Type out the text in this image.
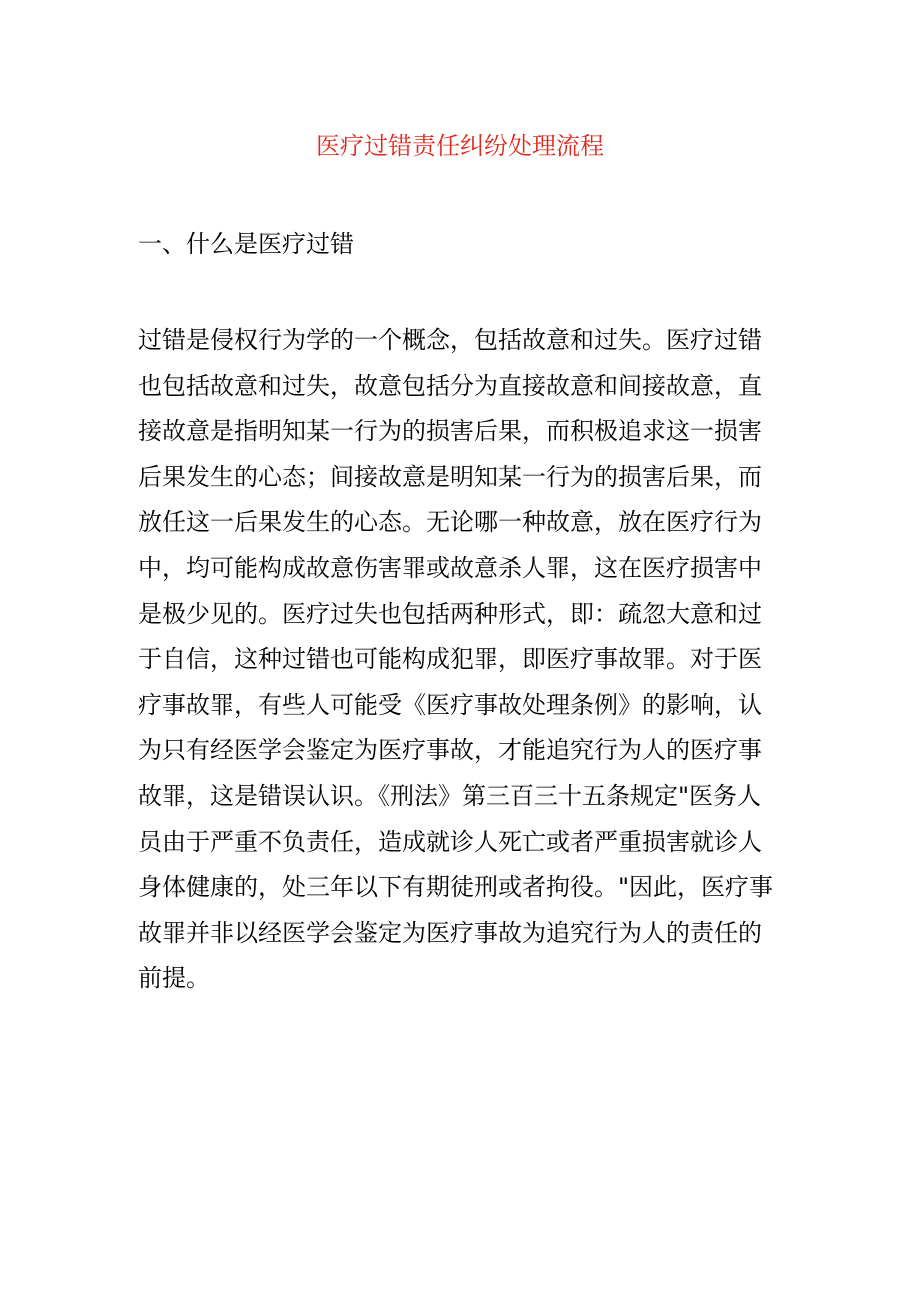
医疗过错责任纠纷处理流程
一、什么是医疗过错
过错是侵权行为学的一个概念，包括故意和过失。医疗过错
也包括故意和过失，故意包括分为直接故意和间接故意，直
接故意是指明知某一行为的损害后果，而积极追求这一损害
后果发生的心态；间接故意是明知某一行为的损害后果，而
放任这一后果发生的心态。无论哪一种故意，放在医疗行为
中，均可能构成故意伤害罪或故意杀人罪，这在医疗损害中
是极少见的。医疗过失也包括两种形式，即：疏忽大意和过
于自信，这种过错也可能构成犯罪，即医疗事故罪。对于医
疗事故罪，有些人可能受《医疗事故处理条例》的影响，认
为只有经医学会鉴定为医疗事故，才能追究行为人的医疗事
故罪，这是错误认识。《刑法》第三百三十五条规定"医务人
员由于严重不负责任，造成就诊人死亡或者严重损害就诊人
身体健康的，处三年以下有期徒刑或者拘役。"因此，医疗事
故罪并非以经医学会鉴定为医疗事故为追究行为人的责任的
前提。
